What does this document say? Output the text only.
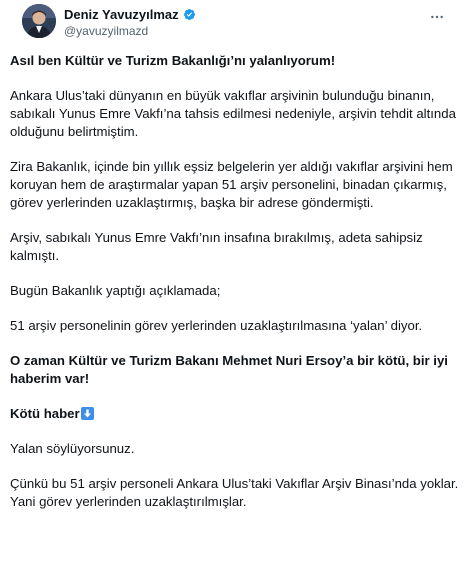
Deniz Yavuzyılmaz
@yavuzyilmazd

Asıl ben Kültür ve Turizm Bakanlığı’nı yalanlıyorum!

Ankara Ulus’taki dünyanın en büyük vakıflar arşivinin bulunduğu binanın, sabıkalı Yunus Emre Vakfı’na tahsis edilmesi nedeniyle, arşivin tehdit altında olduğunu belirtmiştim.

Zira Bakanlık, içinde bin yıllık eşsiz belgelerin yer aldığı vakıflar arşivini hem koruyan hem de araştırmalar yapan 51 arşiv personelini, binadan çıkarmış, görev yerlerinden uzaklaştırmış, başka bir adrese göndermişti.

Arşiv, sabıkalı Yunus Emre Vakfı’nın insafına bırakılmış, adeta sahipsiz kalmıştı.

Bugün Bakanlık yaptığı açıklamada;

51 arşiv personelinin görev yerlerinden uzaklaştırılmasına ‘yalan’ diyor.

O zaman Kültür ve Turizm Bakanı Mehmet Nuri Ersoy’a bir kötü, bir iyi haberim var!

Kötü haber

Yalan söylüyorsunuz.

Çünkü bu 51 arşiv personeli Ankara Ulus’taki Vakıflar Arşiv Binası’nda yoklar. Yani görev yerlerinden uzaklaştırılmışlar.
